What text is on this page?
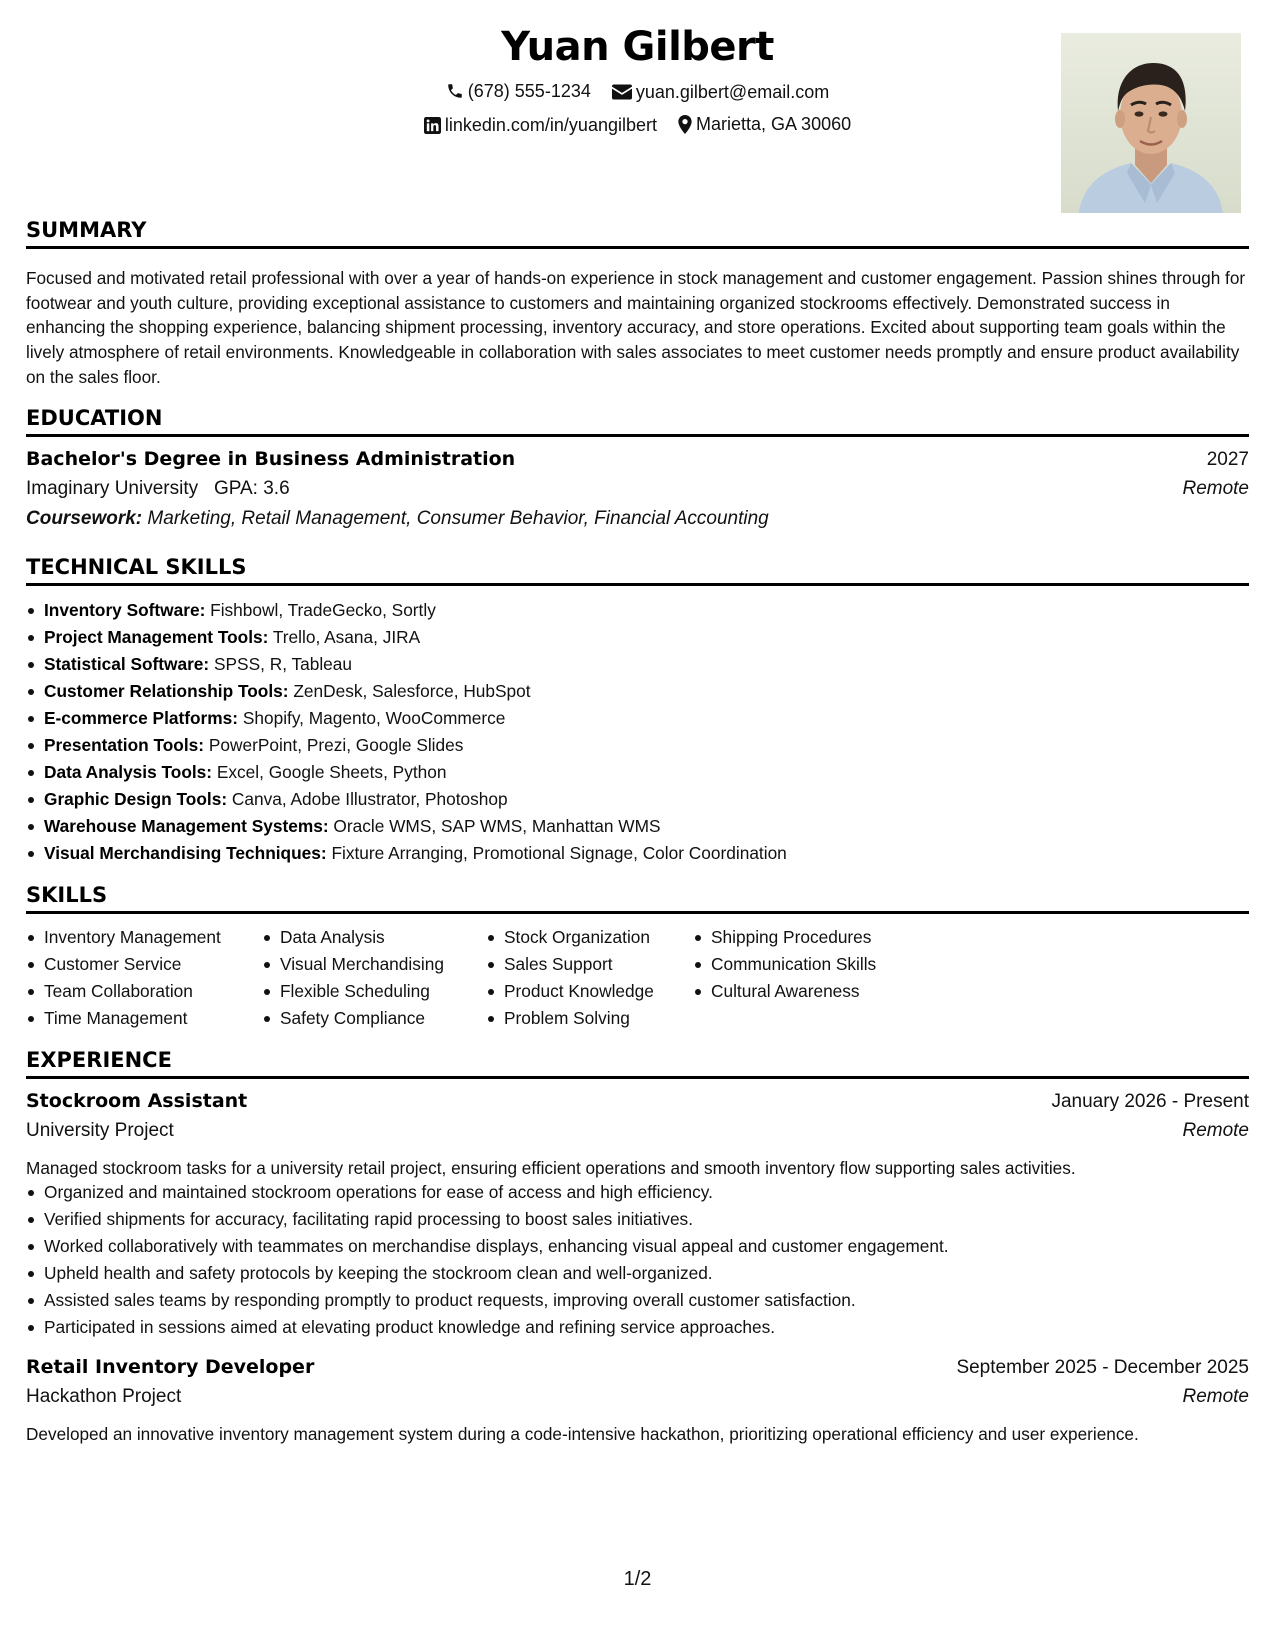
Yuan Gilbert
(678) 555-1234
	yuan.gilbert@email.com
linkedin.com/in/yuangilbert
Marietta, GA 30060
SUMMARY
Focused and motivated retail professional with over a year of hands-on experience in stock management and customer engagement. Passion shines through for footwear and youth culture, providing exceptional assistance to customers and maintaining organized stockrooms effectively. Demonstrated success in enhancing the shopping experience, balancing shipment processing, inventory accuracy, and store operations. Excited about supporting team goals within the lively atmosphere of retail environments. Knowledgeable in collaboration with sales associates to meet customer needs promptly and ensure product availability on the sales floor.
EDUCATION
Bachelor's Degree in Business Administration	2027
Imaginary University GPA: 3.6	Remote
Coursework: Marketing, Retail Management, Consumer Behavior, Financial Accounting
TECHNICAL SKILLS
Inventory Software: Fishbowl, TradeGecko, Sortly
Project Management Tools: Trello, Asana, JIRA
Statistical Software: SPSS, R, Tableau
Customer Relationship Tools: ZenDesk, Salesforce, HubSpot
E-commerce Platforms: Shopify, Magento, WooCommerce
Presentation Tools: PowerPoint, Prezi, Google Slides
Data Analysis Tools: Excel, Google Sheets, Python
Graphic Design Tools: Canva, Adobe Illustrator, Photoshop
Warehouse Management Systems: Oracle WMS, SAP WMS, Manhattan WMS
Visual Merchandising Techniques: Fixture Arranging, Promotional Signage, Color Coordination
SKILLS
Inventory Management
Customer Service
Team Collaboration
Time Management
Data Analysis
Visual Merchandising
Flexible Scheduling
Safety Compliance
Stock Organization
Sales Support
Product Knowledge
Problem Solving
Shipping Procedures
Communication Skills
Cultural Awareness
EXPERIENCE
Stockroom Assistant	January 2026 - Present
University Project	Remote
Managed stockroom tasks for a university retail project, ensuring efficient operations and smooth inventory flow supporting sales activities.
Organized and maintained stockroom operations for ease of access and high efficiency.
Verified shipments for accuracy, facilitating rapid processing to boost sales initiatives.
Worked collaboratively with teammates on merchandise displays, enhancing visual appeal and customer engagement.
Upheld health and safety protocols by keeping the stockroom clean and well-organized.
Assisted sales teams by responding promptly to product requests, improving overall customer satisfaction.
Participated in sessions aimed at elevating product knowledge and refining service approaches.
Retail Inventory Developer	September 2025 - December 2025
Hackathon Project	Remote
Developed an innovative inventory management system during a code-intensive hackathon, prioritizing operational efficiency and user experience.
1/2
